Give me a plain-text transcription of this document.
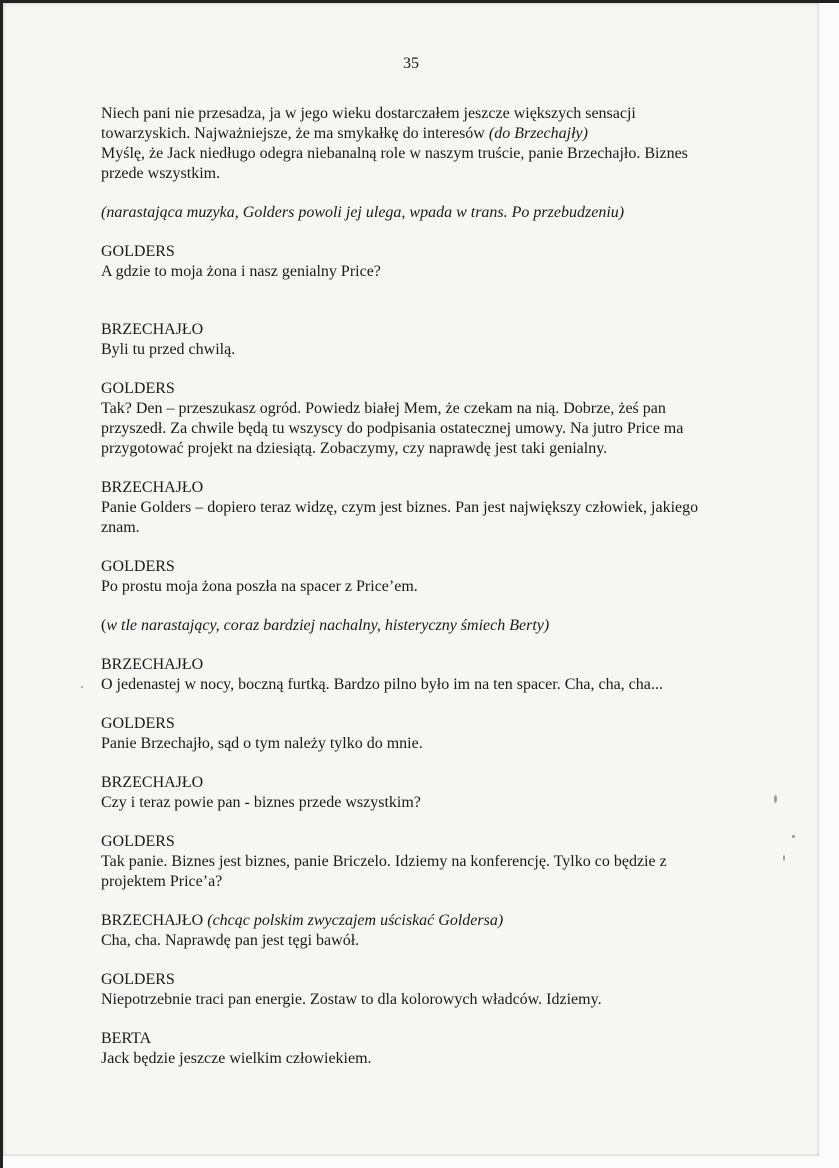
35
Niech pani nie przesadza, ja w jego wieku dostarczałem jeszcze większych sensacji
towarzyskich. Najważniejsze, że ma smykałkę do interesów (do Brzechajły)
Myślę, że Jack niedługo odegra niebanalną role w naszym truście, panie Brzechajło. Biznes
przede wszystkim.
(narastająca muzyka, Golders powoli jej ulega, wpada w trans. Po przebudzeniu)
GOLDERS
A gdzie to moja żona i nasz genialny Price?
BRZECHAJŁO
Byli tu przed chwilą.
GOLDERS
Tak? Den – przeszukasz ogród. Powiedz białej Mem, że czekam na nią. Dobrze, żeś pan
przyszedł. Za chwile będą tu wszyscy do podpisania ostatecznej umowy. Na jutro Price ma
przygotować projekt na dziesiątą. Zobaczymy, czy naprawdę jest taki genialny.
BRZECHAJŁO
Panie Golders – dopiero teraz widzę, czym jest biznes. Pan jest największy człowiek, jakiego
znam.
GOLDERS
Po prostu moja żona poszła na spacer z Price’em.
(w tle narastający, coraz bardziej nachalny, histeryczny śmiech Berty)
BRZECHAJŁO
O jedenastej w nocy, boczną furtką. Bardzo pilno było im na ten spacer. Cha, cha, cha...
GOLDERS
Panie Brzechajło, sąd o tym należy tylko do mnie.
BRZECHAJŁO
Czy i teraz powie pan - biznes przede wszystkim?
GOLDERS
Tak panie. Biznes jest biznes, panie Briczelo. Idziemy na konferencję. Tylko co będzie z
projektem Price’a?
BRZECHAJŁO (chcąc polskim zwyczajem uściskać Goldersa)
Cha, cha. Naprawdę pan jest tęgi bawół.
GOLDERS
Niepotrzebnie traci pan energie. Zostaw to dla kolorowych władców. Idziemy.
BERTA
Jack będzie jeszcze wielkim człowiekiem.
